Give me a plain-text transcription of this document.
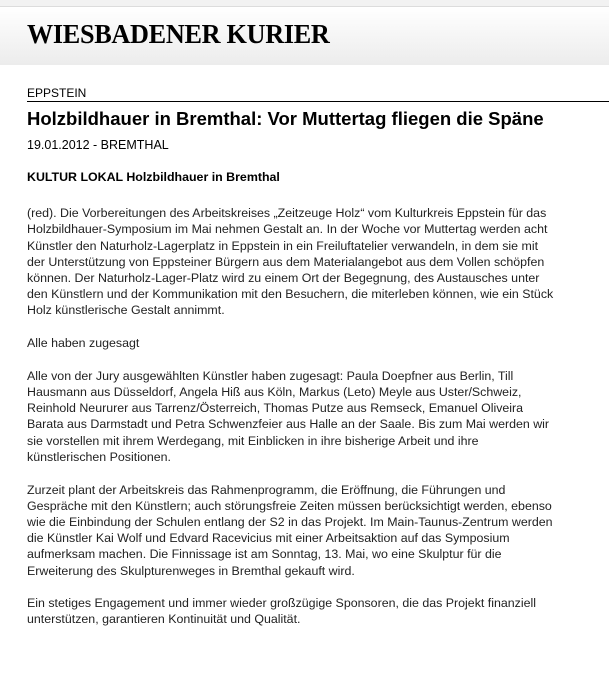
WIESBADENER KURIER
EPPSTEIN
Holzbildhauer in Bremthal: Vor Muttertag fliegen die Späne
19.01.2012 - BREMTHAL

KULTUR LOKAL Holzbildhauer in Bremthal

(red). Die Vorbereitungen des Arbeitskreises „Zeitzeuge Holz“ vom Kulturkreis Eppstein für das Holzbildhauer-Symposium im Mai nehmen Gestalt an. In der Woche vor Muttertag werden acht Künstler den Naturholz-Lagerplatz in Eppstein in ein Freiluftatelier verwandeln, in dem sie mit der Unterstützung von Eppsteiner Bürgern aus dem Materialangebot aus dem Vollen schöpfen können. Der Naturholz-Lager-Platz wird zu einem Ort der Begegnung, des Austausches unter den Künstlern und der Kommunikation mit den Besuchern, die miterleben können, wie ein Stück Holz künstlerische Gestalt annimmt.

Alle haben zugesagt

Alle von der Jury ausgewählten Künstler haben zugesagt: Paula Doepfner aus Berlin, Till Hausmann aus Düsseldorf, Angela Hiß aus Köln, Markus (Leto) Meyle aus Uster/Schweiz, Reinhold Neururer aus Tarrenz/Österreich, Thomas Putze aus Remseck, Emanuel Oliveira Barata aus Darmstadt und Petra Schwenzfeier aus Halle an der Saale. Bis zum Mai werden wir sie vorstellen mit ihrem Werdegang, mit Einblicken in ihre bisherige Arbeit und ihre künstlerischen Positionen.

Zurzeit plant der Arbeitskreis das Rahmenprogramm, die Eröffnung, die Führungen und Gespräche mit den Künstlern; auch störungsfreie Zeiten müssen berücksichtigt werden, ebenso wie die Einbindung der Schulen entlang der S2 in das Projekt. Im Main-Taunus-Zentrum werden die Künstler Kai Wolf und Edvard Racevicius mit einer Arbeitsaktion auf das Symposium aufmerksam machen. Die Finnissage ist am Sonntag, 13. Mai, wo eine Skulptur für die Erweiterung des Skulpturenweges in Bremthal gekauft wird.

Ein stetiges Engagement und immer wieder großzügige Sponsoren, die das Projekt finanziell unterstützen, garantieren Kontinuität und Qualität.
